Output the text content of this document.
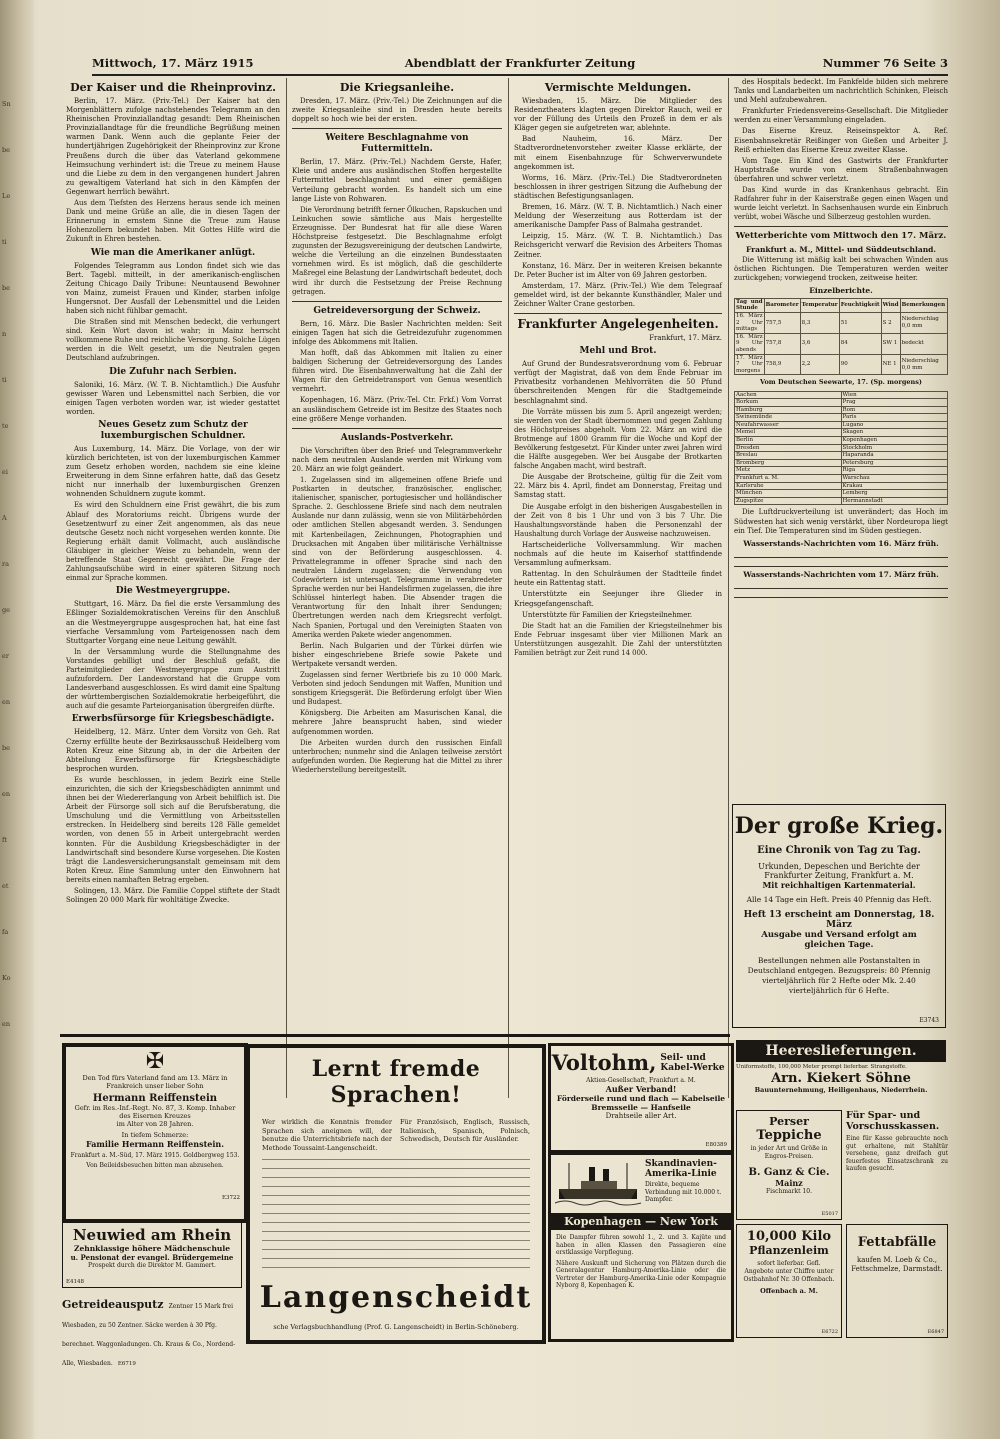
Sn
be
Le
ti
be
n
ti
te
ei
A
ra
ge
er
en
be
en
ft
et
fa
Ko
en
Mittwoch, 17. März 1915	Abendblatt der Frankfurter Zeitung	Nummer 76 Seite 3
Der Kaiser und die Rheinprovinz.

Berlin, 17. März. (Priv.-Tel.) Der Kaiser hat den Morgenblättern zufolge nachstehendes Telegramm an den Rheinischen Provinziallandtag gesandt: Dem Rheinischen Provinziallandtage für die freundliche Begrüßung meinen warmen Dank. Wenn auch die geplante Feier der hundertjährigen Zugehörigkeit der Rheinprovinz zur Krone Preußens durch die über das Vaterland gekommene Heimsuchung verhindert ist: die Treue zu meinem Hause und die Liebe zu dem in den vergangenen hundert Jahren zu gewaltigem Vaterland hat sich in den Kämpfen der Gegenwart herrlich bewährt.

Aus dem Tiefsten des Herzens heraus sende ich meinen Dank und meine Grüße an alle, die in diesen Tagen der Erinnerung in ernstem Sinne die Treue zum Hause Hohenzollern bekundet haben. Mit Gottes Hilfe wird die Zukunft in Ehren bestehen.

Wie man die Amerikaner anlügt.

Folgendes Telegramm aus London findet sich wie das Bert. Tagebl. mitteilt, in der amerikanisch-englischen Zeitung Chicago Daily Tribune: Neuntausend Bewohner von Mainz, zumeist Frauen und Kinder, starben infolge Hungersnot. Der Ausfall der Lebensmittel und die Leiden haben sich nicht fühlbar gemacht.

Die Straßen sind mit Menschen bedeckt, die verhungert sind. Kein Wort davon ist wahr; in Mainz herrscht vollkommene Ruhe und reichliche Versorgung. Solche Lügen werden in die Welt gesetzt, um die Neutralen gegen Deutschland aufzubringen.

Die Zufuhr nach Serbien.

Saloniki, 16. März. (W. T. B. Nichtamtlich.) Die Ausfuhr gewisser Waren und Lebensmittel nach Serbien, die vor einigen Tagen verboten worden war, ist wieder gestattet worden.

Neues Gesetz zum Schutz der luxemburgischen Schuldner.

Aus Luxemburg, 14. März. Die Vorlage, von der wir kürzlich berichteten, ist von der luxemburgischen Kammer zum Gesetz erhoben worden, nachdem sie eine kleine Erweiterung in dem Sinne erfahren hatte, daß das Gesetz nicht nur innerhalb der luxemburgischen Grenzen wohnenden Schuldnern zugute kommt.

Es wird den Schuldnern eine Frist gewährt, die bis zum Ablauf des Moratoriums reicht. Übrigens wurde der Gesetzentwurf zu einer Zeit angenommen, als das neue deutsche Gesetz noch nicht vorgesehen werden konnte. Die Regierung erhält damit Vollmacht, auch ausländische Gläubiger in gleicher Weise zu behandeln, wenn der betreffende Staat Gegenrecht gewährt. Die Frage der Zahlungsaufschübe wird in einer späteren Sitzung noch einmal zur Sprache kommen.

Die Westmeyergruppe.

Stuttgart, 16. März. Da fiel die erste Versammlung des Eßlinger Sozialdemokratischen Vereins für den Anschluß an die Westmeyergruppe ausgesprochen hat, hat eine fast vierfache Versammlung vom Parteigenossen nach dem Stuttgarter Vorgang eine neue Leitung gewählt.

In der Versammlung wurde die Stellungnahme des Vorstandes gebilligt und der Beschluß gefaßt, die Parteimitglieder der Westmeyergruppe zum Austritt aufzufordern. Der Landesvorstand hat die Gruppe vom Landesverband ausgeschlossen. Es wird damit eine Spaltung der württembergischen Sozialdemokratie herbeigeführt, die auch auf die gesamte Parteiorganisation übergreifen dürfte.

Erwerbsfürsorge für Kriegsbeschädigte.

Heidelberg, 12. März. Unter dem Vorsitz von Geh. Rat Czerny erfüllte heute der Bezirksausschuß Heidelberg vom Roten Kreuz eine Sitzung ab, in der die Arbeiten der Abteilung Erwerbsfürsorge für Kriegsbeschädigte besprochen wurden.

Es wurde beschlossen, in jedem Bezirk eine Stelle einzurichten, die sich der Kriegsbeschädigten annimmt und ihnen bei der Wiedererlangung von Arbeit behilflich ist. Die Arbeit der Fürsorge soll sich auf die Berufsberatung, die Umschulung und die Vermittlung von Arbeitsstellen erstrecken. In Heidelberg sind bereits 128 Fälle gemeldet worden, von denen 55 in Arbeit untergebracht werden konnten. Für die Ausbildung Kriegsbeschädigter in der Landwirtschaft sind besondere Kurse vorgesehen. Die Kosten trägt die Landesversicherungsanstalt gemeinsam mit dem Roten Kreuz. Eine Sammlung unter den Einwohnern hat bereits einen namhaften Betrag ergeben.

Solingen, 13. März. Die Familie Coppel stiftete der Stadt Solingen 20 000 Mark für wohltätige Zwecke.

Die Kriegsanleihe.

Dresden, 17. März. (Priv.-Tel.) Die Zeichnungen auf die zweite Kriegsanleihe sind in Dresden heute bereits doppelt so hoch wie bei der ersten.

Weitere Beschlagnahme von Futtermitteln.

Berlin, 17. März. (Priv.-Tel.) Nachdem Gerste, Hafer, Kleie und andere aus ausländischen Stoffen hergestellte Futtermittel beschlagnahmt und einer gemäßigen Verteilung gebracht worden. Es handelt sich um eine lange Liste von Rohwaren.

Die Verordnung betrifft ferner Ölkuchen, Rapskuchen und Leinkuchen sowie sämtliche aus Mais hergestellte Erzeugnisse. Der Bundesrat hat für alle diese Waren Höchstpreise festgesetzt. Die Beschlagnahme erfolgt zugunsten der Bezugsvereinigung der deutschen Landwirte, welche die Verteilung an die einzelnen Bundesstaaten vornehmen wird. Es ist möglich, daß die geschilderte Maßregel eine Belastung der Landwirtschaft bedeutet, doch wird ihr durch die Festsetzung der Preise Rechnung getragen.

Getreideversorgung der Schweiz.

Bern, 16. März. Die Basler Nachrichten melden: Seit einigen Tagen hat sich die Getreidezufuhr zugenommen infolge des Abkommens mit Italien.

Man hofft, daß das Abkommen mit Italien zu einer baldigen Sicherung der Getreideversorgung des Landes führen wird. Die Eisenbahnverwaltung hat die Zahl der Wagen für den Getreidetransport von Genua wesentlich vermehrt.

Kopenhagen, 16. März. (Priv.-Tel. Ctr. Frkf.) Vom Vorrat an ausländischem Getreide ist im Besitze des Staates noch eine größere Menge vorhanden.

Auslands-Postverkehr.

Die Vorschriften über den Brief- und Telegrammverkehr nach dem neutralen Auslande werden mit Wirkung vom 20. März an wie folgt geändert.

1. Zugelassen sind im allgemeinen offene Briefe und Postkarten in deutscher, französischer, englischer, italienischer, spanischer, portugiesischer und holländischer Sprache. 2. Geschlossene Briefe sind nach dem neutralen Auslande nur dann zulässig, wenn sie von Militärbehörden oder amtlichen Stellen abgesandt werden. 3. Sendungen mit Kartenbeilagen, Zeichnungen, Photographien und Drucksachen mit Angaben über militärische Verhältnisse sind von der Beförderung ausgeschlossen. 4. Privattelegramme in offener Sprache sind nach den neutralen Ländern zugelassen; die Verwendung von Codewörtern ist untersagt. Telegramme in verabredeter Sprache werden nur bei Handelsfirmen zugelassen, die ihre Schlüssel hinterlegt haben. Die Absender tragen die Verantwortung für den Inhalt ihrer Sendungen; Übertretungen werden nach dem Kriegsrecht verfolgt. Nach Spanien, Portugal und den Vereinigten Staaten von Amerika werden Pakete wieder angenommen.

Berlin. Nach Bulgarien und der Türkei dürfen wie bisher eingeschriebene Briefe sowie Pakete und Wertpakete versandt werden.

Zugelassen sind ferner Wertbriefe bis zu 10 000 Mark. Verboten sind jedoch Sendungen mit Waffen, Munition und sonstigem Kriegsgerät. Die Beförderung erfolgt über Wien und Budapest.

Königsberg. Die Arbeiten am Masurischen Kanal, die mehrere Jahre beansprucht haben, sind wieder aufgenommen worden.

Die Arbeiten wurden durch den russischen Einfall unterbrochen; nunmehr sind die Anlagen teilweise zerstört aufgefunden worden. Die Regierung hat die Mittel zu ihrer Wiederherstellung bereitgestellt.

Vermischte Meldungen.

Wiesbaden, 15. März. Die Mitglieder des Residenztheaters klagten gegen Direktor Rauch, weil er vor der Füllung des Urteils den Prozeß in dem er als Kläger gegen sie aufgetreten war, ablehnte.

Bad Nauheim, 16. März. Der Stadtverordnetenvorsteher zweiter Klasse erklärte, der mit einem Eisenbahnzuge für Schwerverwundete angekommen ist.

Worms, 16. März. (Priv.-Tel.) Die Stadtverordneten beschlossen in ihrer gestrigen Sitzung die Aufhebung der städtischen Befestigungsanlagen.

Bremen, 16. März. (W. T. B. Nichtamtlich.) Nach einer Meldung der Weserzeitung aus Rotterdam ist der amerikanische Dampfer Pass of Balmaha gestrandet.

Leipzig, 15. März. (W. T. B. Nichtamtlich.) Das Reichsgericht verwarf die Revision des Arbeiters Thomas Zeitner.

Konstanz, 16. März. Der in weiteren Kreisen bekannte Dr. Peter Bucher ist im Alter von 69 Jahren gestorben.

Amsterdam, 17. März. (Priv.-Tel.) Wie dem Telegraaf gemeldet wird, ist der bekannte Kunsthändler, Maler und Zeichner Walter Crane gestorben.

Frankfurter Angelegenheiten.
Frankfurt, 17. März.
Mehl und Brot.

Auf Grund der Bundesratsverordnung vom 6. Februar verfügt der Magistrat, daß von dem Ende Februar im Privatbesitz vorhandenen Mehlvorräten die 50 Pfund überschreitenden Mengen für die Stadtgemeinde beschlagnahmt sind.

Die Vorräte müssen bis zum 5. April angezeigt werden; sie werden von der Stadt übernommen und gegen Zahlung des Höchstpreises abgeholt. Vom 22. März an wird die Brotmenge auf 1800 Gramm für die Woche und Kopf der Bevölkerung festgesetzt. Für Kinder unter zwei Jahren wird die Hälfte ausgegeben. Wer bei Ausgabe der Brotkarten falsche Angaben macht, wird bestraft.

Die Ausgabe der Brotscheine, gültig für die Zeit vom 22. März bis 4. April, findet am Donnerstag, Freitag und Samstag statt.

Die Ausgabe erfolgt in den bisherigen Ausgabestellen in der Zeit von 8 bis 1 Uhr und von 3 bis 7 Uhr. Die Haushaltungsvorstände haben die Personenzahl der Haushaltung durch Vorlage der Ausweise nachzuweisen.

Hartscheiderliche Vollversammlung. Wir machen nochmals auf die heute im Kaiserhof stattfindende Versammlung aufmerksam.

Rattentag. In den Schulräumen der Stadtteile findet heute ein Rattentag statt.

Unterstützte ein Seejunger ihre Glieder in Kriegsgefangenschaft.

Unterstützte für Familien der Kriegsteilnehmer.

Die Stadt hat an die Familien der Kriegsteilnehmer bis Ende Februar insgesamt über vier Millionen Mark an Unterstützungen ausgezahlt. Die Zahl der unterstützten Familien beträgt zur Zeit rund 14 000.

des Hospitals bedeckt. Im Fankfelde bilden sich mehrere Tanks und Landarbeiten um nachrichtlich Schinken, Fleisch und Mehl aufzubewahren.

Frankfurter Friedensvereins-Gesellschaft. Die Mitglieder werden zu einer Versammlung eingeladen.

Das Eiserne Kreuz. Reiseinspektor A. Ref. Eisenbahnsekretär Reißinger von Gießen und Arbeiter J. Reiß erhielten das Eiserne Kreuz zweiter Klasse.

Vom Tage. Ein Kind des Gastwirts der Frankfurter Hauptstraße wurde von einem Straßenbahnwagen überfahren und schwer verletzt.

Das Kind wurde in das Krankenhaus gebracht. Ein Radfahrer fuhr in der Kaiserstraße gegen einen Wagen und wurde leicht verletzt. In Sachsenhausen wurde ein Einbruch verübt, wobei Wäsche und Silberzeug gestohlen wurden.

Wetterberichte vom Mittwoch den 17. März.
Frankfurt a. M., Mittel- und Süddeutschland.

Die Witterung ist mäßig kalt bei schwachen Winden aus östlichen Richtungen. Die Temperaturen werden weiter zurückgehen; vorwiegend trocken, zeitweise heiter.

Einzelberichte.
Tag und Stunde	Barometer	Temperatur	Feuchtigkeit	Wind	Bemerkungen
16. März 2 Uhr mittags	757,5	8,3	51	S 2	Niederschlag 0,0 mm
16. März 9 Uhr abends	757,8	3,6	84	SW 1	bedeckt
17. März 7 Uhr morgens	758,9	2,2	90	NE 1	Niederschlag 0,0 mm
Vom Deutschen Seewarte, 17. (Sp. morgens)
Aachen	Wien
Borkum	Prag
Hamburg	Rom
Swinemünde	Paris
Neufahrwasser	Lugano
Memel	Skagen
Berlin	Kopenhagen
Dresden	Stockholm
Breslau	Haparanda
Bromberg	Petersburg
Metz	Riga
Frankfurt a. M.	Warschau
Karlsruhe	Krakau
München	Lemberg
Zugspitze	Hermannstadt

Die Luftdruckverteilung ist unverändert; das Hoch im Südwesten hat sich wenig verstärkt, über Nordeuropa liegt ein Tief. Die Temperaturen sind im Süden gestiegen.

Wasserstands-Nachrichten vom 16. März früh.
Wasserstands-Nachrichten vom 17. März früh.
Der große Krieg.
Eine Chronik von Tag zu Tag.
Urkunden, Depeschen und Berichte der
Frankfurter Zeitung, Frankfurt a. M.
Mit reichhaltigen Kartenmaterial.
Alle 14 Tage ein Heft. Preis 40 Pfennig das Heft.
Heft 13 erscheint am Donnerstag, 18. März
Ausgabe und Versand erfolgt am gleichen Tage.
Bestellungen nehmen alle Postanstalten in Deutschland entgegen. Bezugspreis: 80 Pfennig vierteljährlich für 2 Hefte oder Mk. 2.40 vierteljährlich für 6 Hefte.
E3743
✠
Den Tod fürs Vaterland fand am 13. März in Frankreich unser lieber Sohn
Hermann Reiffenstein
Gefr. im Res.-Inf.-Regt. No. 87, 3. Komp. Inhaber des Eisernen Kreuzes
im Alter von 28 Jahren.
In tiefem Schmerze:
Familie Hermann Reiffenstein.
Frankfurt a. M.-Süd, 17. März 1915. Goldbergweg 153.
Von Beileidsbesuchen bitten man abzusehen.
E3722
Neuwied am Rhein
Zehnklassige höhere Mädchenschule
u. Pensionat der evangel. Brüdergemeine
Prospekt durch die Direktor M. Gammert.
E4148
Getreideausputz Zentner 15 Mark frei Wiesbaden, zu 50 Zentner. Säcke werden à 30 Pfg. berechnet. Waggonladungen. Ch. Kraus & Co., Nordend-Alle, Wiesbaden. E6719
Lernt fremde Sprachen!
Wer wirklich die Kenntnis fremder Sprachen sich aneignen will, der benutze die Unterrichtsbriefe nach der Methode Toussaint-Langenscheidt.
Für Französisch, Englisch, Russisch, Italienisch, Spanisch, Polnisch, Schwedisch, Deutsch für Ausländer.
Langenscheidt
sche Verlagsbuchhandlung (Prof. G. Langenscheidt) in Berlin-Schöneberg.
Voltohm, Seil- und Kabel-Werke
Aktien-Gesellschaft, Frankfurt a. M.
Außer Verband!
Förderseile rund und flach — Kabelseile
Bremsseile — Hanfseile
Drahtseile aller Art.
E80389
Skandinavien-Amerika-Linie
Direkte, bequeme Verbindung mit 10.000 t. Dampfer.
Kopenhagen — New York
Die Dampfer führen sowohl 1., 2. und 3. Kajüte und haben in allen Klassen den Passagieren eine erstklassige Verpflegung.
Nähere Auskunft und Sicherung von Plätzen durch die Generalagentur Hamburg-Amerika-Linie oder die Vertreter der Hamburg-Amerika-Linie oder Kompagnie Nyborg 8, Kopenhagen K.
Heereslieferungen.
Uniformstoffe, 100,000 Meter prompt lieferbar. Strangstoffe.
Arn. Kiekert Söhne
Bauunternehmung, Heiligenhaus, Niederrhein.
Perser
Teppiche
in jeder Art und Größe in Engros-Preisen.
B. Ganz & Cie.
Mainz
Fischmarkt 10.
E5017
Für Spar- und Vorschusskassen.
Eine für Kasse gebrauchte noch gut erhaltene, mit Stahltür versehene, ganz dreifach gut feuerfestes Einsatzschrank zu kaufen gesucht.
10,000 Kilo
Pflanzenleim
sofort lieferbar. Gefl. Angebote unter Chiffre unter Ostbahnhof Nr. 30 Offenbach.
Offenbach a. M.
E6722
Fettabfälle
kaufen M. Loeb & Co., Fettschmelze, Darmstadt.
E6847
